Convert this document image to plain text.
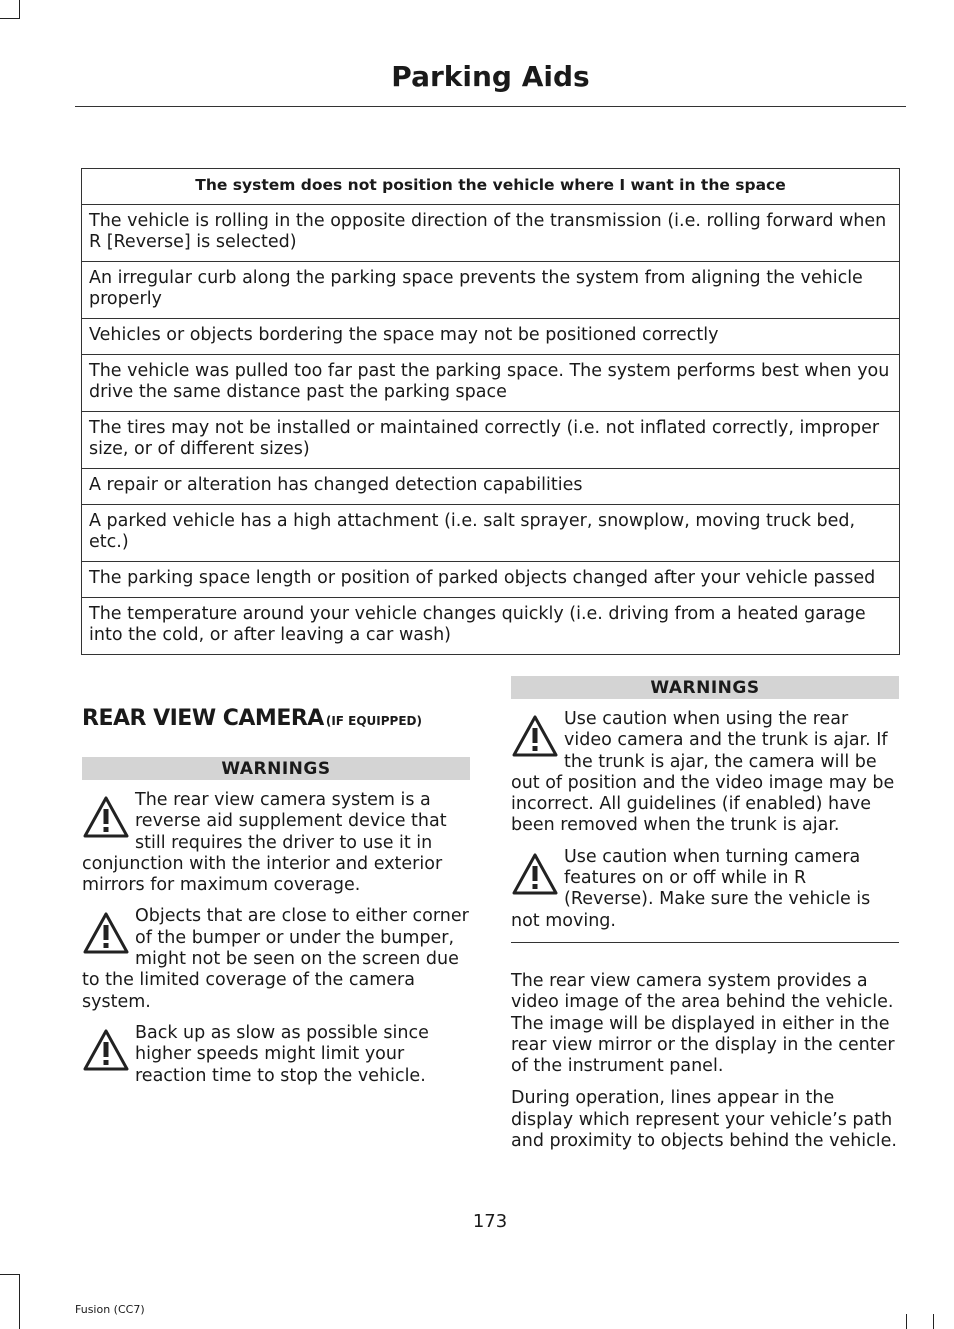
Parking Aids
The system does not position the vehicle where I want in the space
The vehicle is rolling in the opposite direction of the transmission (i.e. rolling forward when R [Reverse] is selected)
An irregular curb along the parking space prevents the system from aligning the vehicle properly
Vehicles or objects bordering the space may not be positioned correctly
The vehicle was pulled too far past the parking space. The system performs best when you drive the same distance past the parking space
The tires may not be installed or maintained correctly (i.e. not inflated correctly, improper size, or of different sizes)
A repair or alteration has changed detection capabilities
A parked vehicle has a high attachment (i.e. salt sprayer, snowplow, moving truck bed, etc.)
The parking space length or position of parked objects changed after your vehicle passed
The temperature around your vehicle changes quickly (i.e. driving from a heated garage into the cold, or after leaving a car wash)
REAR VIEW CAMERA (IF EQUIPPED)
WARNINGS
The rear view camera system is a reverse aid supplement device that still requires the driver to use it in conjunction with the interior and exterior mirrors for maximum coverage.
Objects that are close to either corner of the bumper or under the bumper, might not be seen on the screen due to the limited coverage of the camera system.
Back up as slow as possible since higher speeds might limit your reaction time to stop the vehicle.
WARNINGS
Use caution when using the rear video camera and the trunk is ajar. If the trunk is ajar, the camera will be out of position and the video image may be incorrect. All guidelines (if enabled) have been removed when the trunk is ajar.
Use caution when turning camera features on or off while in R (Reverse). Make sure the vehicle is not moving.

The rear view camera system provides a video image of the area behind the vehicle. The image will be displayed in either in the rear view mirror or the display in the center of the instrument panel.

During operation, lines appear in the display which represent your vehicle’s path and proximity to objects behind the vehicle.

173
Fusion (CC7)
